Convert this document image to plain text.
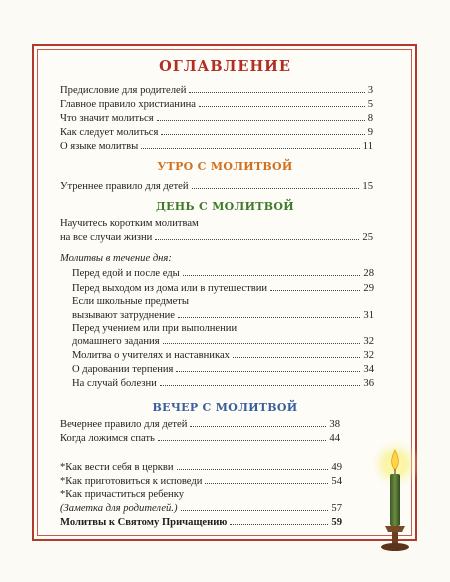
ОГЛАВЛЕНИЕ
Предисловие для родителей	3
Главное правило христианина	5
Что значит молиться	8
Как следует молиться	9
О языке молитвы	11
УТРО С МОЛИТВОЙ
Утреннее правило для детей	15
ДЕНЬ С МОЛИТВОЙ
Научитесь коротким молитвам
на все случаи жизни	25
Молитвы в течение дня:
Перед едой и после еды	28
Перед выходом из дома или в путешествии	29
Если школьные предметы
вызывают затруднение	31
Перед учением или при выполнении
домашнего задания	32
Молитва о учителях и наставниках	32
О даровании терпения	34
На случай болезни	36
ВЕЧЕР С МОЛИТВОЙ
Вечернее правило для детей	38
Когда ложимся спать	44
*Как вести себя в церкви	49
*Как приготовиться к исповеди	54
*Как причаститься ребенку
(Заметка для родителей.)	57
Молитвы к Святому Причащению	59
